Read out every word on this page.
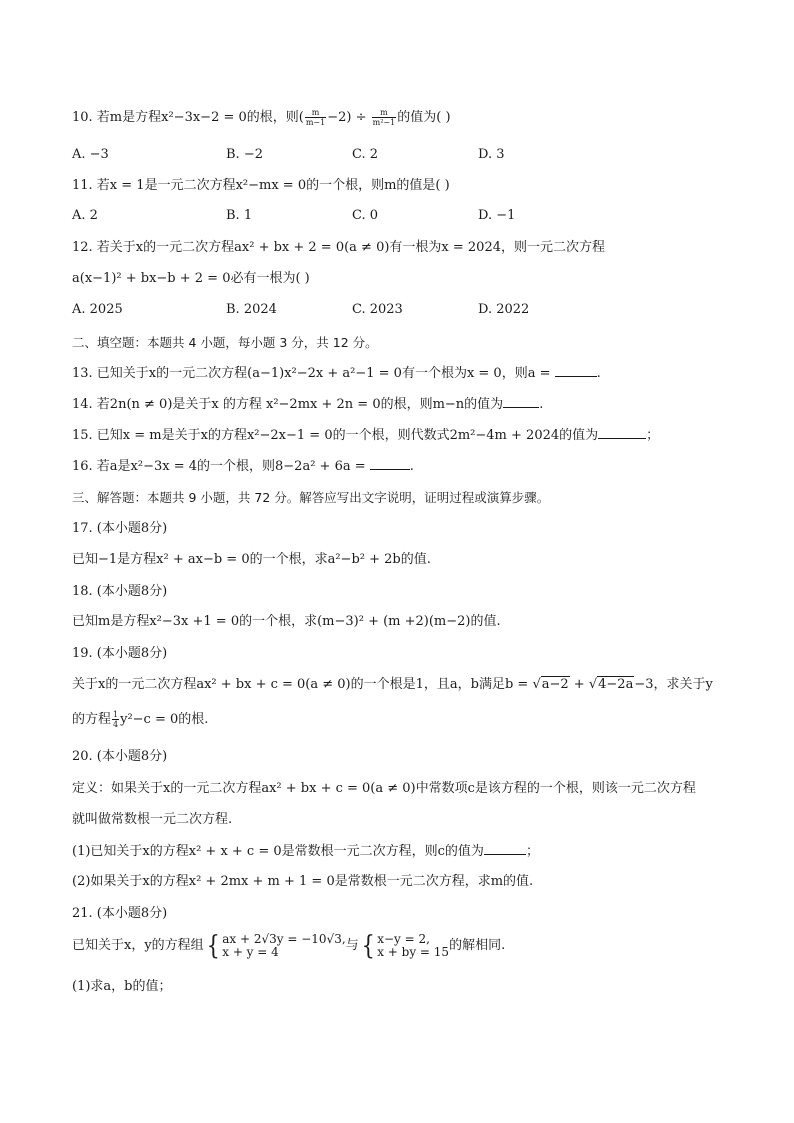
10. 若m是方程x²−3x−2 = 0的根，则( $\frac{m}{m-1} -2) \div \frac{m}{\text{m²−1}}$ 的值为( )
A. −3	B. −2	C. 2	D. 3
11. 若x = 1是一元二次方程x²−mx = 0的一个根，则m的值是( )
A. 2	B. 1	C. 0	D. −1
12. 若关于x的一元二次方程ax² + bx + 2 = 0(a ≠ 0)有一根为x = 2024，则一元二次方程
a(x−1)² + bx−b + 2 = 0必有一根为( )
A. 2025	B. 2024	C. 2023	D. 2022
二、填空题：本题共 4 小题，每小题 3 分，共 12 分。
13. 已知关于x的一元二次方程(a−1)x²−2x + a²−1 = 0有一个根为x = 0，则a =	.
14. 若2n(n ≠ 0)是关于x 的方程 x²−2mx + 2n = 0的根，则m−n的值为	.
15. 已知x = m是关于x的方程x²−2x−1 = 0的一个根，则代数式2m²−4m + 2024的值为	；
16. 若a是x²−3x = 4的一个根，则8−2a² + 6a =	.
三、解答题：本题共 9 小题，共 72 分。解答应写出文字说明，证明过程或演算步骤。
17. (本小题8分)
已知−1是方程x² + ax−b = 0的一个根，求a²−b² + 2b的值.
18. (本小题8分)
已知m是方程x²−3x +1 = 0的一个根，求(m−3)² + (m +2)(m−2)的值.
19. (本小题8分)
关于x的一元二次方程ax² + bx + c = 0(a ≠ 0)的一个根是1，且a，b满足b = √a−2 + √4−2a−3，求关于y
的方程 $\frac{1}{4} y^2-c = 0$的根.
20. (本小题8分)
定义：如果关于x的一元二次方程ax² + bx + c = 0(a ≠ 0)中常数项c是该方程的一个根，则该一元二次方程
就叫做常数根一元二次方程.
(1)已知关于x的方程x² + x + c = 0是常数根一元二次方程，则c的值为	；
(2)如果关于x的方程x² + 2mx + m + 1 = 0是常数根一元二次方程，求m的值.
21. (本小题8分)
已知关于x，y的方程组 { ax + 2√3y = −10√3,
x + y = 4	与 { x−y = 2,
x + by = 15 的解相同.
(1)求a，b的值；
